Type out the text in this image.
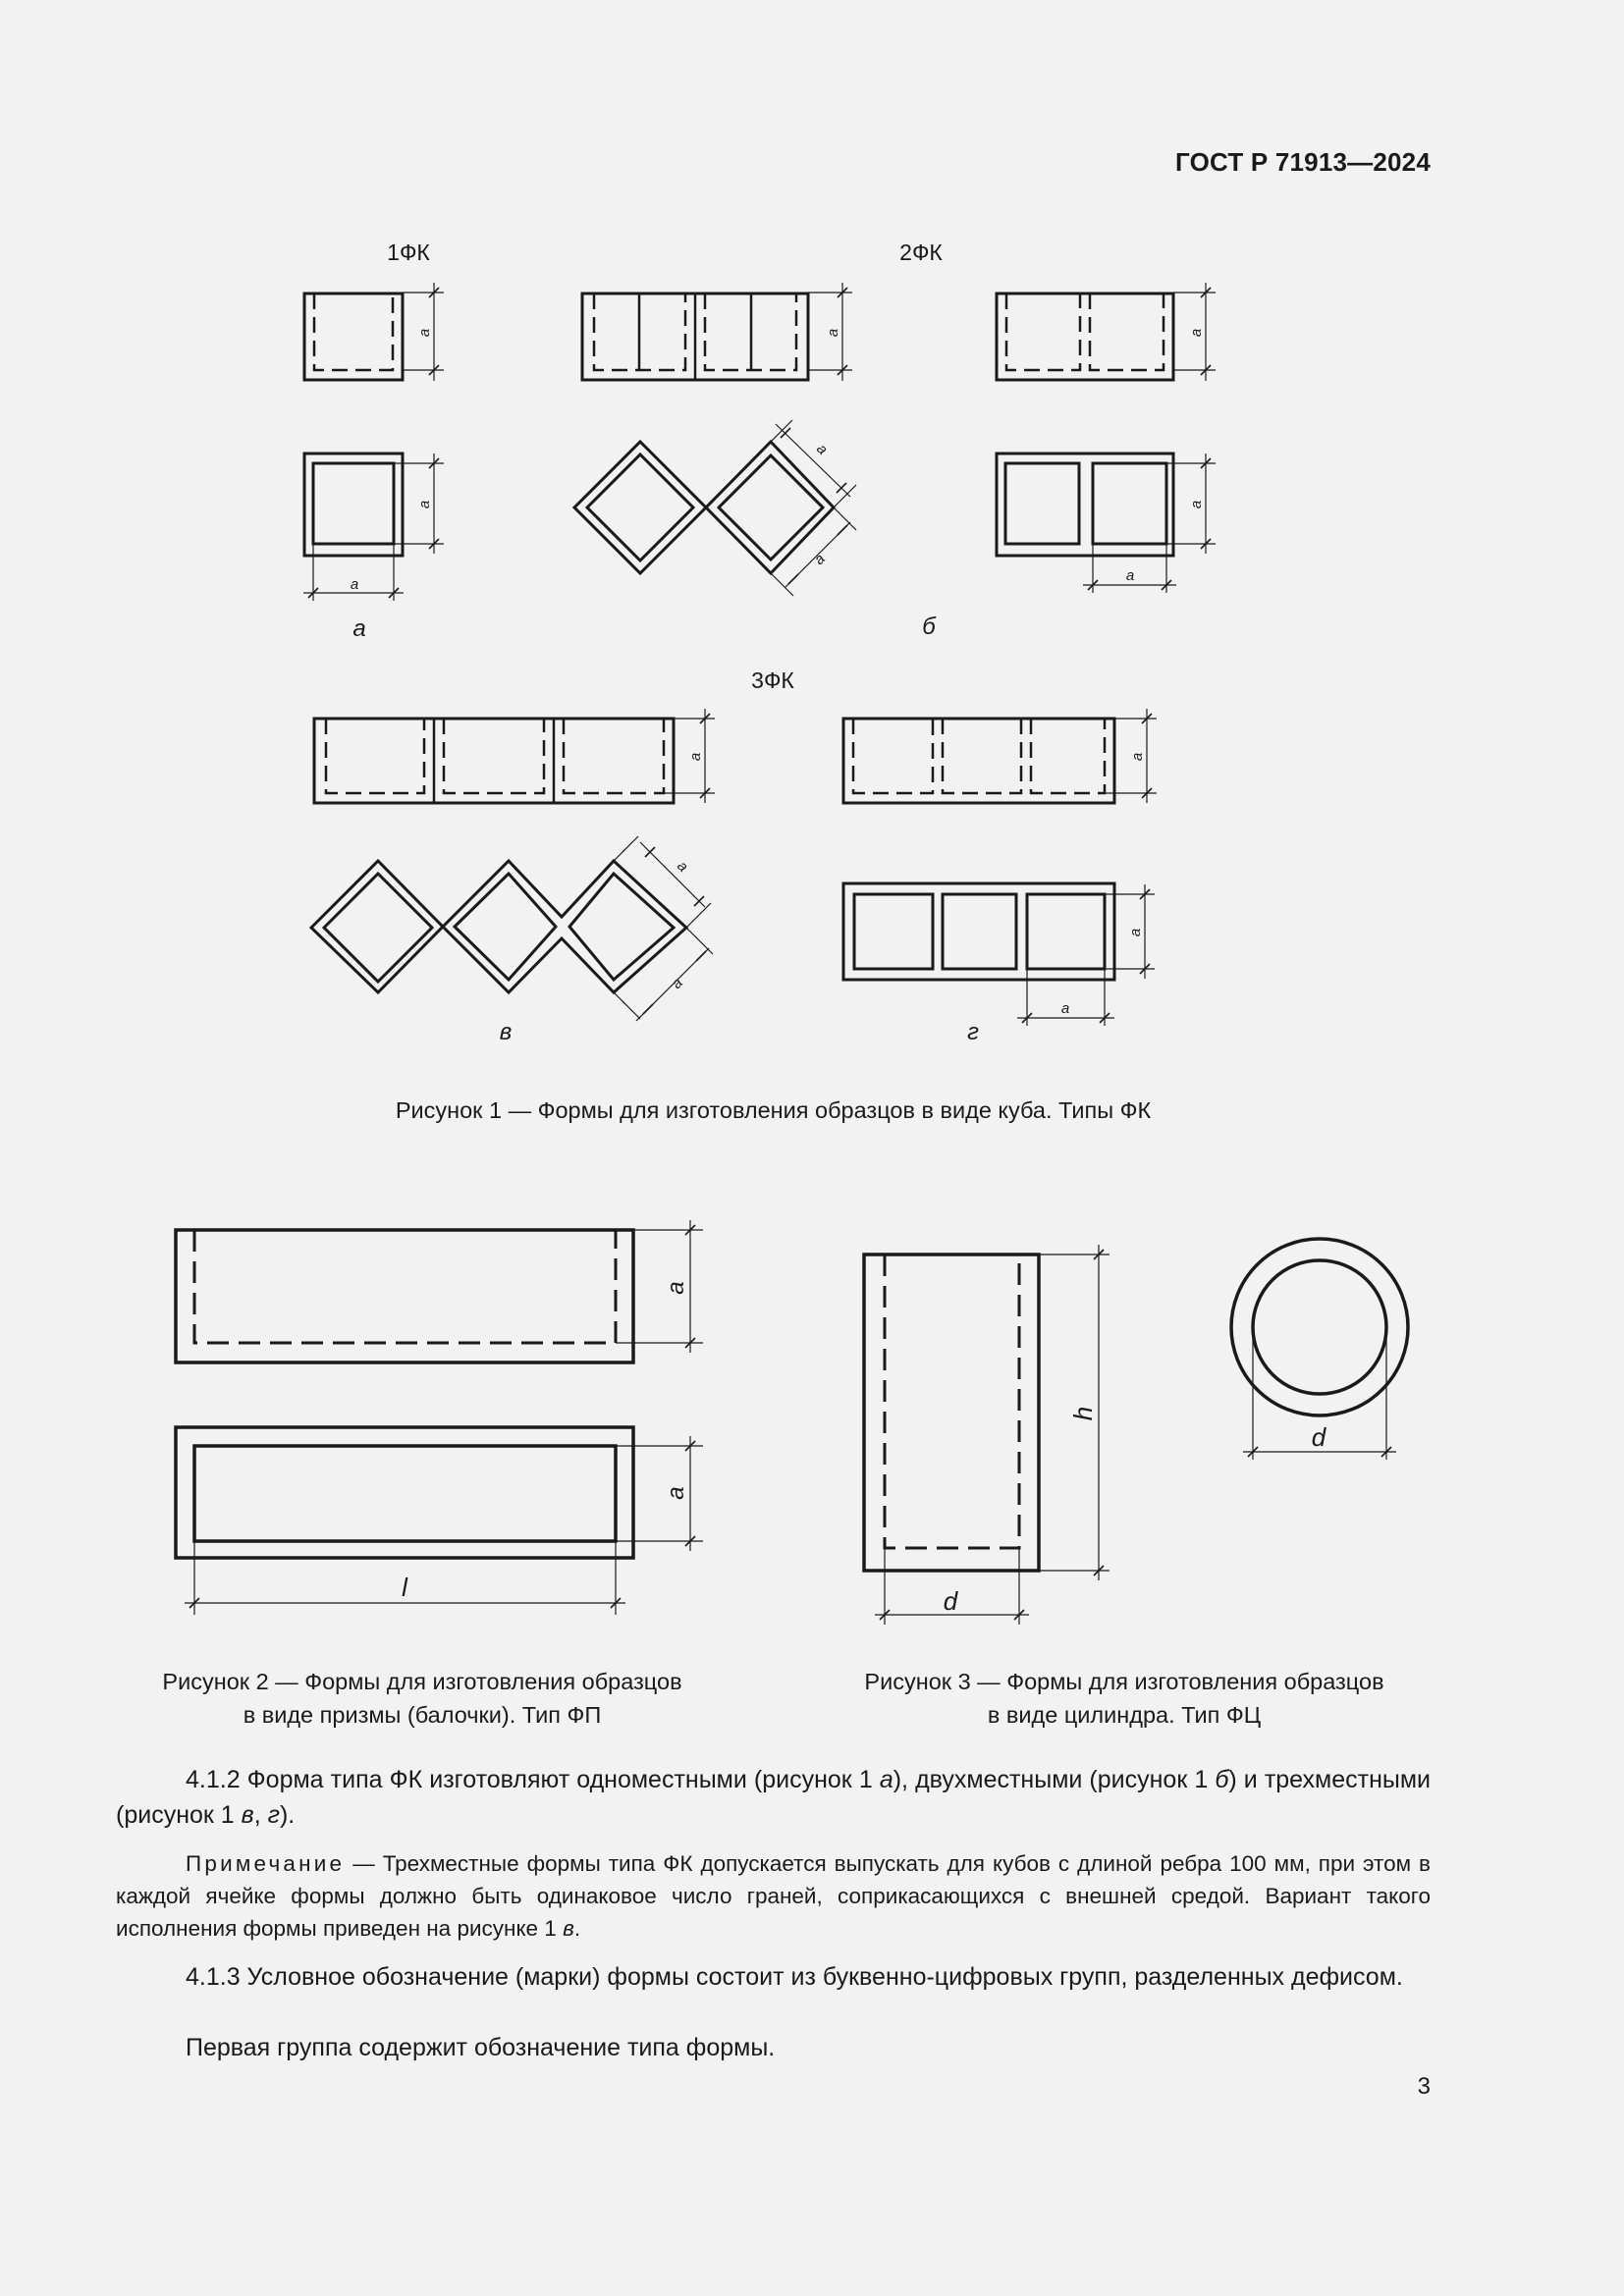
ГОСТ Р 71913—2024
1ФК	2ФК
3ФК
а
а
а
а	а
а
а
а
а
а	а
а
а
а
а
а	б
в	г
a
a
l
h
d
d
Рисунок 1 — Формы для изготовления образцов в виде куба. Типы ФК
Рисунок 2 — Формы для изготовления образцов
в виде призмы (балочки). Тип ФП
Рисунок 3 — Формы для изготовления образцов
в виде цилиндра. Тип ФЦ
4.1.2 Форма типа ФК изготовляют одноместными (рисунок 1 а), двухместными (рисунок 1 б) и трехместными (рисунок 1 в, г).
Примечание — Трехместные формы типа ФК допускается выпускать для кубов с длиной ребра 100 мм, при этом в каждой ячейке формы должно быть одинаковое число граней, соприкасающихся с внешней средой. Вариант такого исполнения формы приведен на рисунке 1 в.
4.1.3 Условное обозначение (марки) формы состоит из буквенно-цифровых групп, разделенных дефисом.
Первая группа содержит обозначение типа формы.
3
